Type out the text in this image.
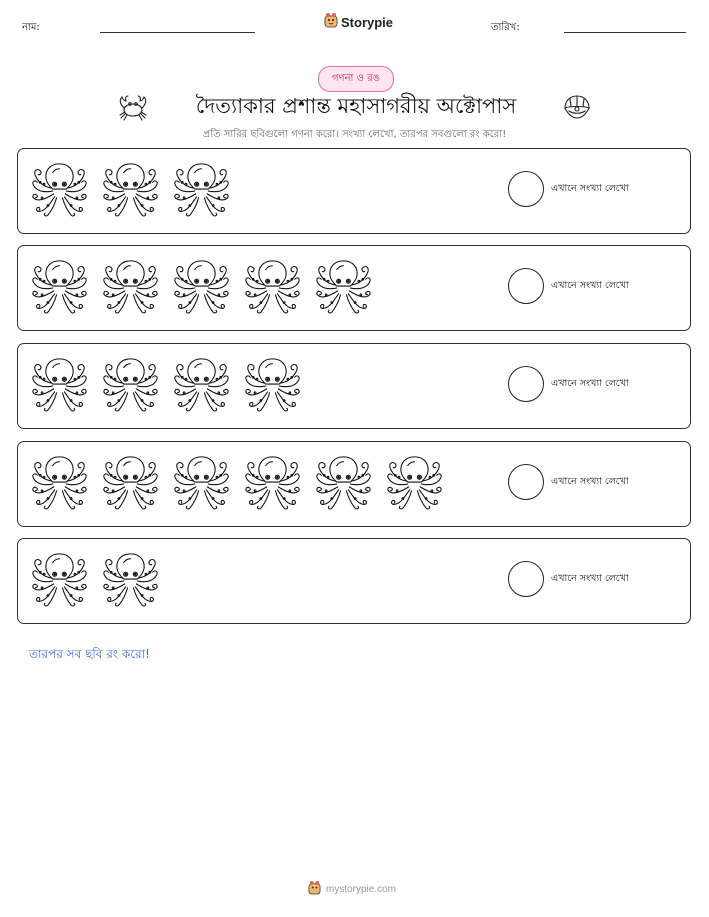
নাম:	Storypie	তারিখ:
গণনা ও রঙ
দৈত্যাকার প্রশান্ত মহাসাগরীয় অক্টোপাস
প্রতি সারির ছবিগুলো গণনা করো। সংখ্যা লেখো, তারপর সবগুলো রং করো!
এখানে সংখ্যা লেখো
এখানে সংখ্যা লেখো
এখানে সংখ্যা লেখো
এখানে সংখ্যা লেখো
এখানে সংখ্যা লেখো
তারপর সব ছবি রং করো!
mystorypie.com
